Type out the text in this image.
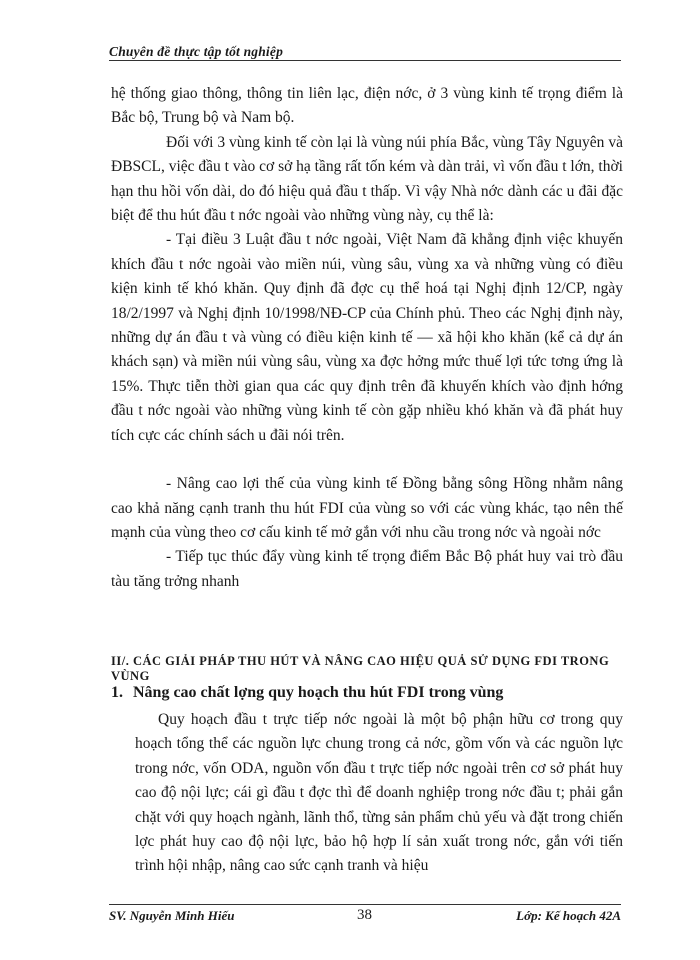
Chuyên đề thực tập tốt nghiệp

hệ thống giao thông, thông tin liên lạc, điện nớc, ở 3 vùng kinh tế trọng điểm là Bắc bộ, Trung bộ và Nam bộ.

Đối với 3 vùng kinh tế còn lại là vùng núi phía Bắc, vùng Tây Nguyên và ĐBSCL, việc đầu t vào cơ sở hạ tầng rất tốn kém và dàn trải, vì vốn đầu t lớn, thời hạn thu hồi vốn dài, do đó hiệu quả đầu t thấp. Vì vậy Nhà nớc dành các u đãi đặc biệt để thu hút đầu t nớc ngoài vào những vùng này, cụ thể là:

- Tại điều 3 Luật đầu t nớc ngoài, Việt Nam đã khẳng định việc khuyến khích đầu t nớc ngoài vào miền núi, vùng sâu, vùng xa và những vùng có điều kiện kinh tế khó khăn. Quy định đã đợc cụ thể hoá tại Nghị định 12/CP, ngày 18/2/1997 và Nghị định 10/1998/NĐ-CP của Chính phủ. Theo các Nghị định này, những dự án đầu t và vùng có điều kiện kinh tế — xã hội kho khăn (kể cả dự án khách sạn) và miền núi vùng sâu, vùng xa đợc hởng mức thuế lợi tức tơng ứng là 15%. Thực tiễn thời gian qua các quy định trên đã khuyến khích vào định hớng đầu t nớc ngoài vào những vùng kinh tế còn gặp nhiều khó khăn và đã phát huy tích cực các chính sách u đãi nói trên.

- Nâng cao lợi thế của vùng kinh tế Đồng bằng sông Hồng nhằm nâng cao khả năng cạnh tranh thu hút FDI của vùng so với các vùng khác, tạo nên thế mạnh của vùng theo cơ cấu kinh tế mở gắn với nhu cầu trong nớc và ngoài nớc

- Tiếp tục thúc đẩy vùng kinh tế trọng điểm Bắc Bộ phát huy vai trò đầu tàu tăng trởng nhanh

II/. CÁC GIẢI PHÁP THU HÚT VÀ NÂNG CAO HIỆU QUẢ SỬ DỤNG FDI TRONG VÙNG
1. Nâng cao chất lợng quy hoạch thu hút FDI trong vùng

Quy hoạch đầu t trực tiếp nớc ngoài là một bộ phận hữu cơ trong quy hoạch tổng thể các nguồn lực chung trong cả nớc, gồm vốn và các nguồn lực trong nớc, vốn ODA, nguồn vốn đầu t trực tiếp nớc ngoài trên cơ sở phát huy cao độ nội lực; cái gì đầu t đợc thì để doanh nghiệp trong nớc đầu t; phải gắn chặt với quy hoạch ngành, lãnh thổ, từng sản phẩm chủ yếu và đặt trong chiến lợc phát huy cao độ nội lực, bảo hộ hợp lí sản xuất trong nớc, gắn với tiến trình hội nhập, nâng cao sức cạnh tranh và hiệu

SV. Nguyễn Minh Hiếu	38	Lớp: Kế hoạch 42A
